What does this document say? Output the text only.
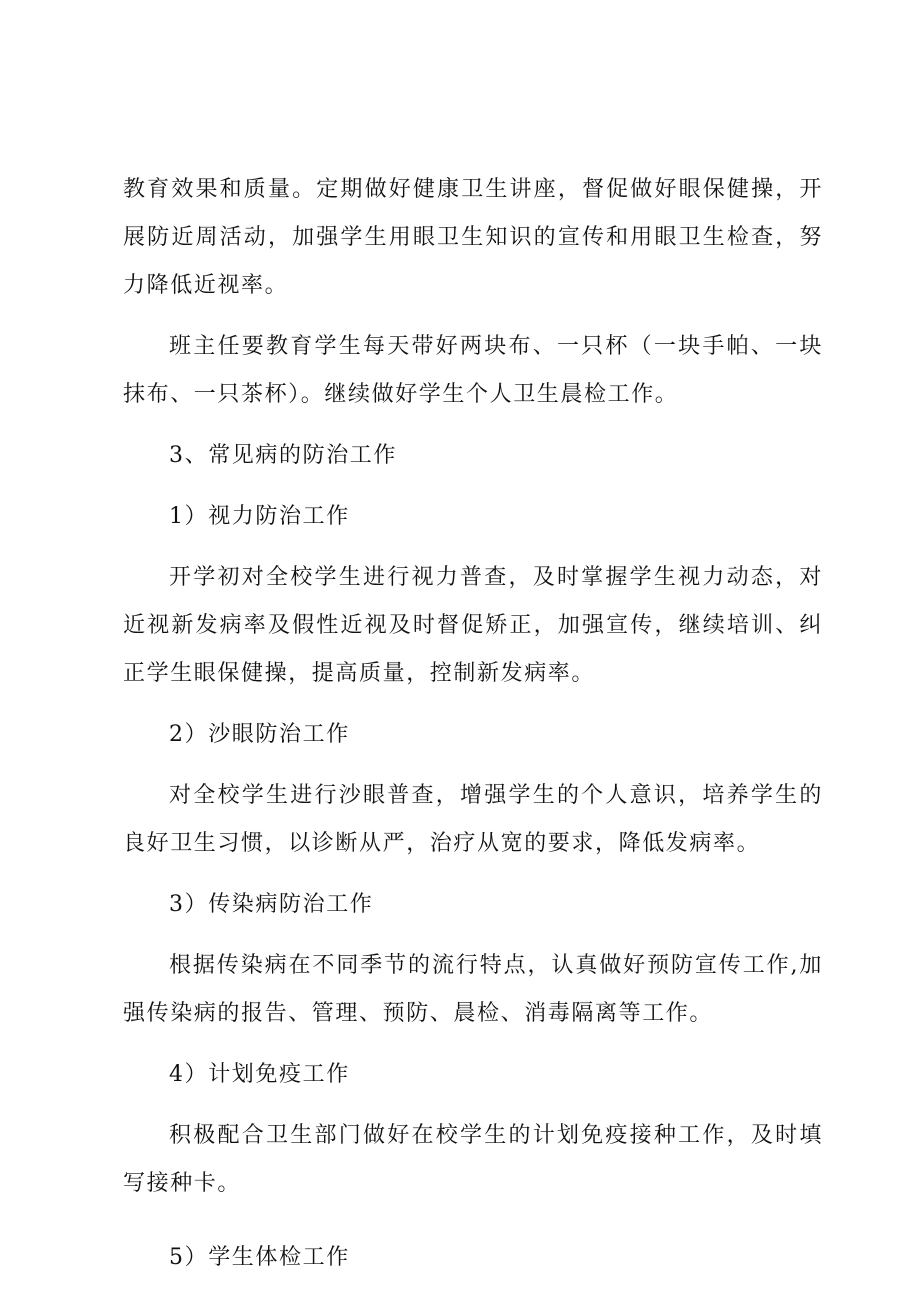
教育效果和质量。定期做好健康卫生讲座，督促做好眼保健操，开展防近周活动，加强学生用眼卫生知识的宣传和用眼卫生检查，努力降低近视率。

班主任要教育学生每天带好两块布、一只杯（一块手帕、一块抹布、一只茶杯）。继续做好学生个人卫生晨检工作。

3、常见病的防治工作

1）视力防治工作

开学初对全校学生进行视力普查，及时掌握学生视力动态，对近视新发病率及假性近视及时督促矫正，加强宣传，继续培训、纠正学生眼保健操，提高质量，控制新发病率。

2）沙眼防治工作

对全校学生进行沙眼普查，增强学生的个人意识，培养学生的良好卫生习惯，以诊断从严，治疗从宽的要求，降低发病率。

3）传染病防治工作

根据传染病在不同季节的流行特点，认真做好预防宣传工作,加强传染病的报告、管理、预防、晨检、消毒隔离等工作。

4）计划免疫工作

积极配合卫生部门做好在校学生的计划免疫接种工作，及时填写接种卡。

5）学生体检工作
